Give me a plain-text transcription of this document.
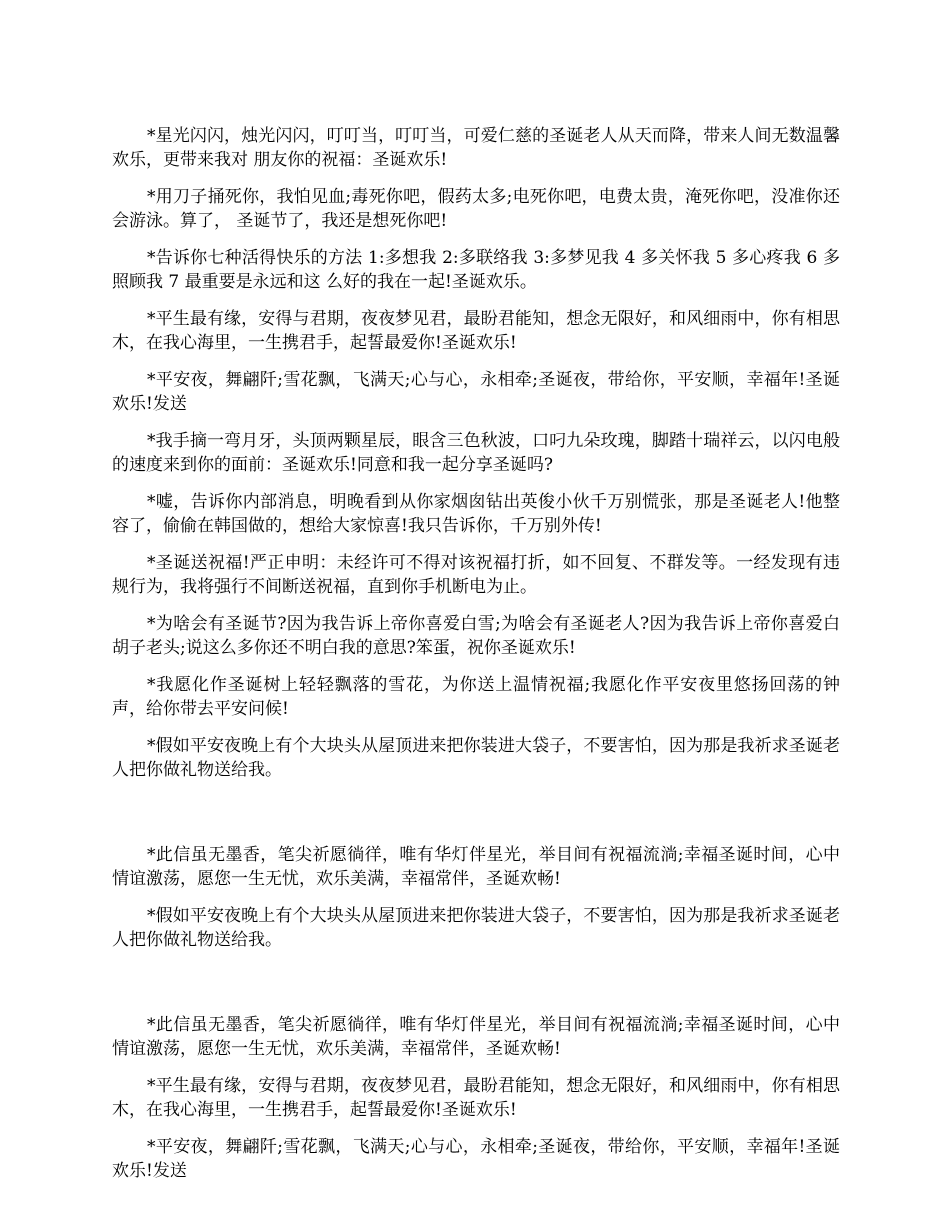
*星光闪闪，烛光闪闪，叮叮当，叮叮当，可爱仁慈的圣诞老人从天而降，带来人间无数温馨欢乐，更带来我对 朋友你的祝福：圣诞欢乐!

*用刀子捅死你，我怕见血;毒死你吧，假药太多;电死你吧，电费太贵，淹死你吧，没准你还会游泳。算了， 圣诞节了，我还是想死你吧!

*告诉你七种活得快乐的方法 1:多想我 2:多联络我 3:多梦见我 4 多关怀我 5 多心疼我 6 多照顾我 7 最重要是永远和这 么好的我在一起!圣诞欢乐。

*平生最有缘，安得与君期，夜夜梦见君，最盼君能知，想念无限好，和风细雨中，你有相思木，在我心海里，一生携君手，起誓最爱你!圣诞欢乐!

*平安夜，舞翩阡;雪花飘，飞满天;心与心，永相牵;圣诞夜，带给你，平安顺，幸福年!圣诞欢乐!发送

*我手摘一弯月牙，头顶两颗星辰，眼含三色秋波，口叼九朵玫瑰，脚踏十瑞祥云，以闪电般的速度来到你的面前：圣诞欢乐!同意和我一起分享圣诞吗?

*嘘，告诉你内部消息，明晚看到从你家烟囱钻出英俊小伙千万别慌张，那是圣诞老人!他整容了，偷偷在韩国做的，想给大家惊喜!我只告诉你，千万别外传!

*圣诞送祝福!严正申明：未经许可不得对该祝福打折，如不回复、不群发等。一经发现有违规行为，我将强行不间断送祝福，直到你手机断电为止。

*为啥会有圣诞节?因为我告诉上帝你喜爱白雪;为啥会有圣诞老人?因为我告诉上帝你喜爱白胡子老头;说这么多你还不明白我的意思?笨蛋，祝你圣诞欢乐!

*我愿化作圣诞树上轻轻飘落的雪花，为你送上温情祝福;我愿化作平安夜里悠扬回荡的钟声，给你带去平安问候!

*假如平安夜晚上有个大块头从屋顶进来把你装进大袋子，不要害怕，因为那是我祈求圣诞老人把你做礼物送给我。

*此信虽无墨香，笔尖祈愿徜徉，唯有华灯伴星光，举目间有祝福流淌;幸福圣诞时间，心中情谊激荡，愿您一生无忧，欢乐美满，幸福常伴，圣诞欢畅!

*假如平安夜晚上有个大块头从屋顶进来把你装进大袋子，不要害怕，因为那是我祈求圣诞老人把你做礼物送给我。

*此信虽无墨香，笔尖祈愿徜徉，唯有华灯伴星光，举目间有祝福流淌;幸福圣诞时间，心中情谊激荡，愿您一生无忧，欢乐美满，幸福常伴，圣诞欢畅!

*平生最有缘，安得与君期，夜夜梦见君，最盼君能知，想念无限好，和风细雨中，你有相思木，在我心海里，一生携君手，起誓最爱你!圣诞欢乐!

*平安夜，舞翩阡;雪花飘，飞满天;心与心，永相牵;圣诞夜，带给你，平安顺，幸福年!圣诞欢乐!发送
